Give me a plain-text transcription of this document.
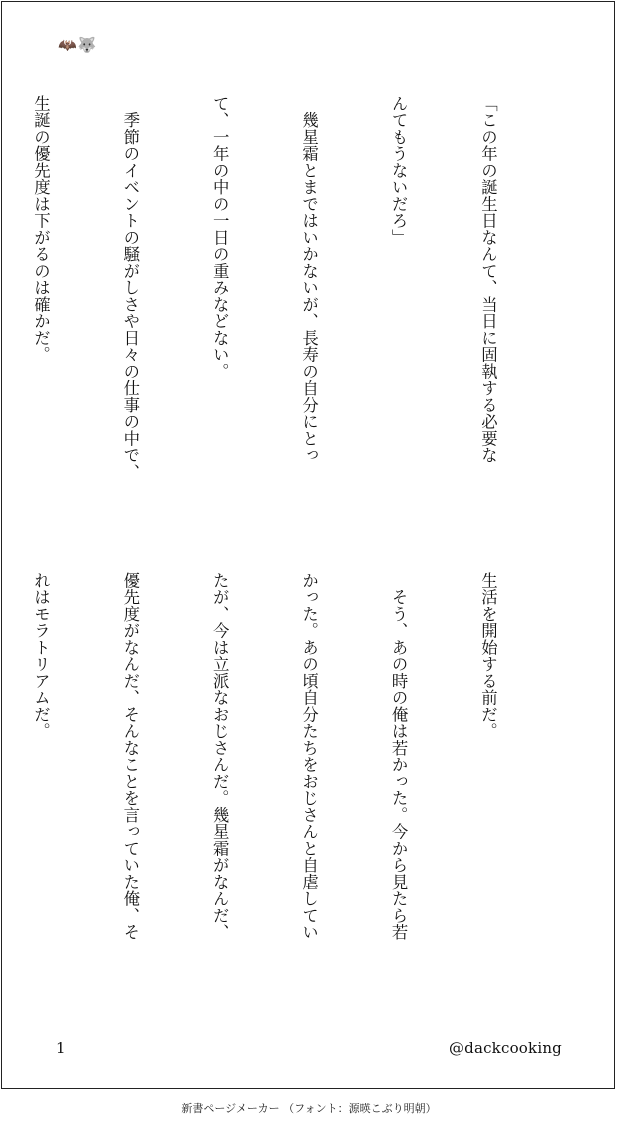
🦇 🐺

「この年の誕生日なんて、当日に固執する必要な

んてもうないだろ」

　幾星霜とまではいかないが、長寿の自分にとっ

て、一年の中の一日の重みなどない。

　季節のイベントの騒がしさや日々の仕事の中で、

生誕の優先度は下がるのは確かだ。

生活を開始する前だ。

　そう、あの時の俺は若かった。今から見たら若

かった。あの頃自分たちをおじさんと自虐してい

たが、今は立派なおじさんだ。幾星霜がなんだ、

優先度がなんだ、そんなことを言っていた俺、そ

れはモラトリアムだ。

1	@dackcooking
新書ページメーカー （フォント：源暎こぶり明朝）
